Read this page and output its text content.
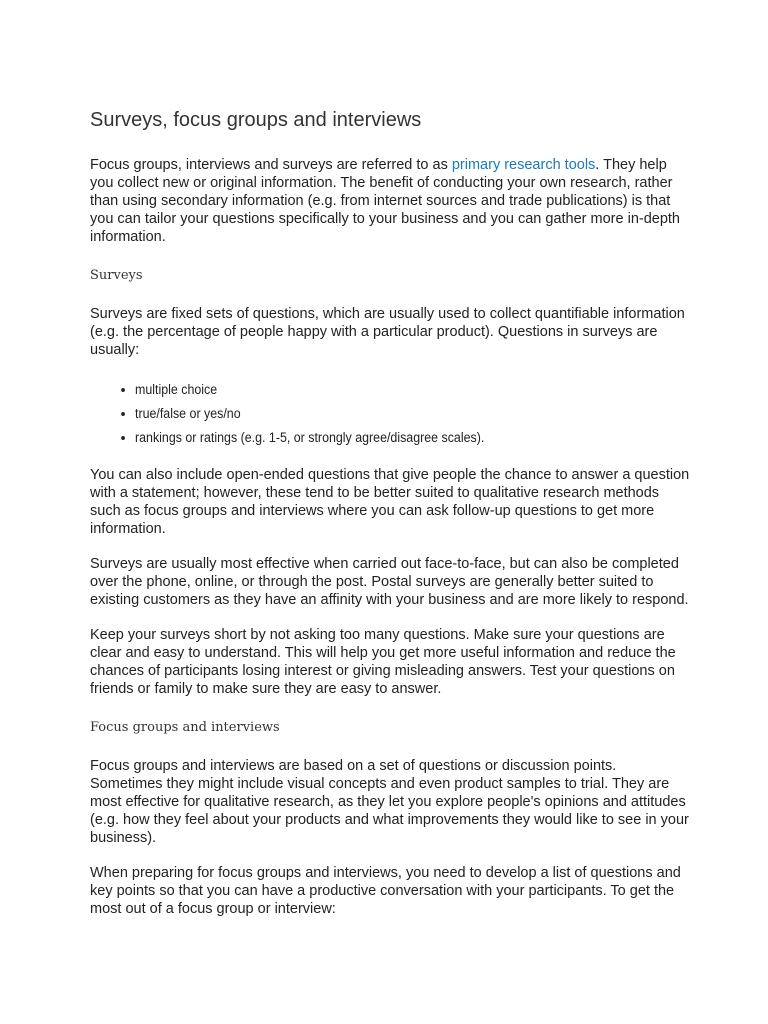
Surveys, focus groups and interviews

Focus groups, interviews and surveys are referred to as primary research tools. They help you collect new or original information. The benefit of conducting your own research, rather than using secondary information (e.g. from internet sources and trade publications) is that you can tailor your questions specifically to your business and you can gather more in-depth information.

Surveys

Surveys are fixed sets of questions, which are usually used to collect quantifiable information (e.g. the percentage of people happy with a particular product). Questions in surveys are usually:

• multiple choice
• true/false or yes/no
• rankings or ratings (e.g. 1-5, or strongly agree/disagree scales).

You can also include open-ended questions that give people the chance to answer a question with a statement; however, these tend to be better suited to qualitative research methods such as focus groups and interviews where you can ask follow-up questions to get more information.

Surveys are usually most effective when carried out face-to-face, but can also be completed over the phone, online, or through the post. Postal surveys are generally better suited to existing customers as they have an affinity with your business and are more likely to respond.

Keep your surveys short by not asking too many questions. Make sure your questions are clear and easy to understand. This will help you get more useful information and reduce the chances of participants losing interest or giving misleading answers. Test your questions on friends or family to make sure they are easy to answer.

Focus groups and interviews

Focus groups and interviews are based on a set of questions or discussion points. Sometimes they might include visual concepts and even product samples to trial. They are most effective for qualitative research, as they let you explore people's opinions and attitudes (e.g. how they feel about your products and what improvements they would like to see in your business).

When preparing for focus groups and interviews, you need to develop a list of questions and key points so that you can have a productive conversation with your participants. To get the most out of a focus group or interview:
